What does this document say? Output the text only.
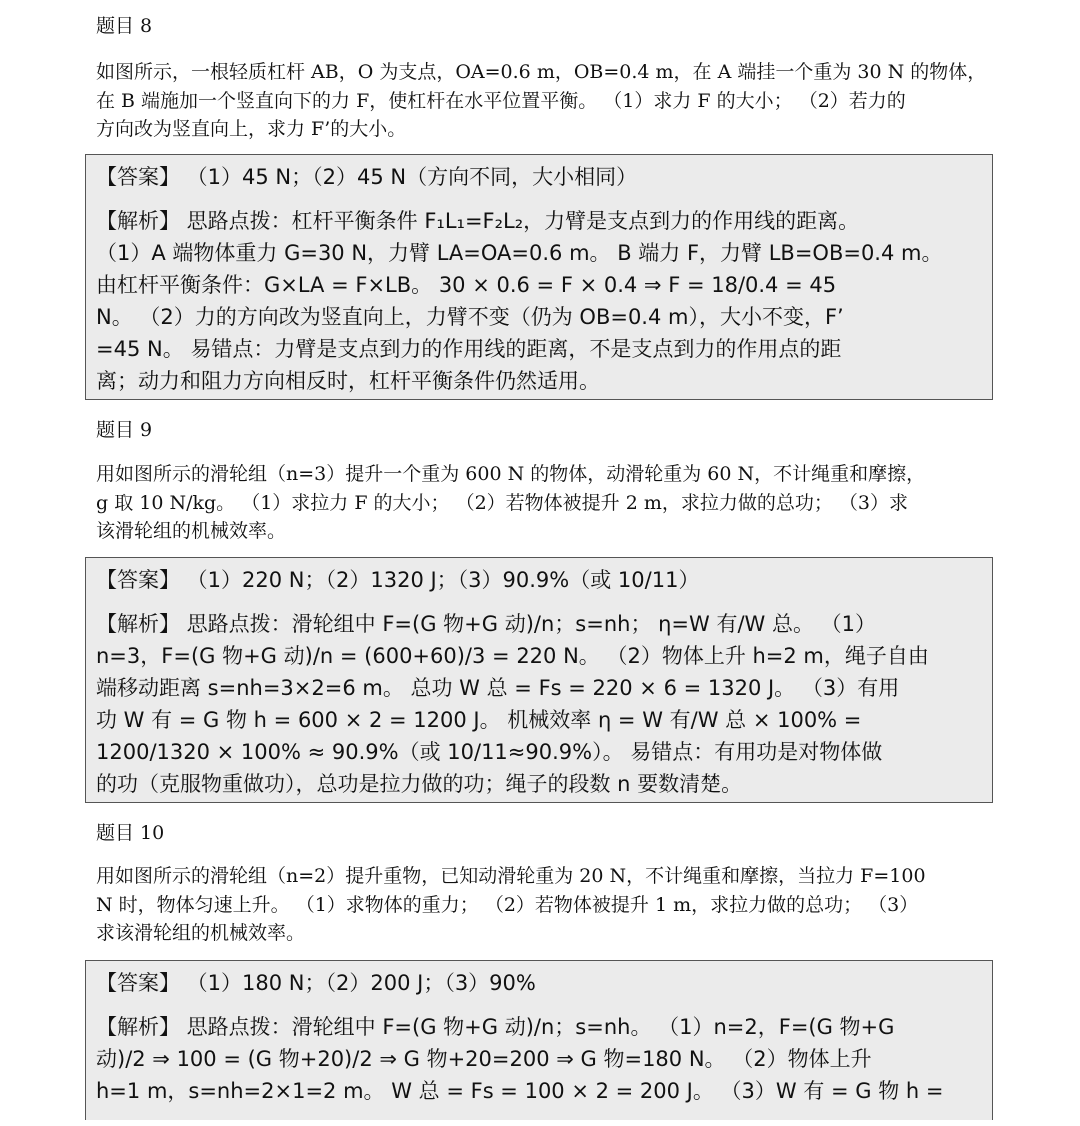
题目 8
如图所示，一根轻质杠杆 AB，O 为支点，OA=0.6 m，OB=0.4 m，在 A 端挂一个重为 30 N 的物体，
在 B 端施加一个竖直向下的力 F，使杠杆在水平位置平衡。 （1）求力 F 的大小； （2）若力的
方向改为竖直向上，求力 F’的大小。
【答案】 （1）45 N；（2）45 N（方向不同，大小相同）
【解析】 思路点拨：杠杆平衡条件 F₁L₁=F₂L₂，力臂是支点到力的作用线的距离。
（1）A 端物体重力 G=30 N，力臂 LA=OA=0.6 m。 B 端力 F，力臂 LB=OB=0.4 m。
由杠杆平衡条件：G×LA = F×LB。 30 × 0.6 = F × 0.4 ⇒ F = 18/0.4 = 45
N。 （2）力的方向改为竖直向上，力臂不变（仍为 OB=0.4 m），大小不变，F’
=45 N。 易错点：力臂是支点到力的作用线的距离，不是支点到力的作用点的距
离；动力和阻力方向相反时，杠杆平衡条件仍然适用。
题目 9
用如图所示的滑轮组（n=3）提升一个重为 600 N 的物体，动滑轮重为 60 N，不计绳重和摩擦，
g 取 10 N/kg。 （1）求拉力 F 的大小； （2）若物体被提升 2 m，求拉力做的总功； （3）求
该滑轮组的机械效率。
【答案】 （1）220 N；（2）1320 J；（3）90.9%（或 10/11）
【解析】 思路点拨：滑轮组中 F=(G 物+G 动)/n；s=nh； η=W 有/W 总。 （1）
n=3，F=(G 物+G 动)/n = (600+60)/3 = 220 N。 （2）物体上升 h=2 m，绳子自由
端移动距离 s=nh=3×2=6 m。 总功 W 总 = Fs = 220 × 6 = 1320 J。 （3）有用
功 W 有 = G 物 h = 600 × 2 = 1200 J。 机械效率 η = W 有/W 总 × 100% =
1200/1320 × 100% ≈ 90.9%（或 10/11≈90.9%）。 易错点：有用功是对物体做
的功（克服物重做功），总功是拉力做的功；绳子的段数 n 要数清楚。
题目 10
用如图所示的滑轮组（n=2）提升重物，已知动滑轮重为 20 N，不计绳重和摩擦，当拉力 F=100
N 时，物体匀速上升。 （1）求物体的重力； （2）若物体被提升 1 m，求拉力做的总功； （3）
求该滑轮组的机械效率。
【答案】 （1）180 N；（2）200 J；（3）90%
【解析】 思路点拨：滑轮组中 F=(G 物+G 动)/n；s=nh。 （1）n=2，F=(G 物+G
动)/2 ⇒ 100 = (G 物+20)/2 ⇒ G 物+20=200 ⇒ G 物=180 N。 （2）物体上升
h=1 m，s=nh=2×1=2 m。 W 总 = Fs = 100 × 2 = 200 J。 （3）W 有 = G 物 h =
